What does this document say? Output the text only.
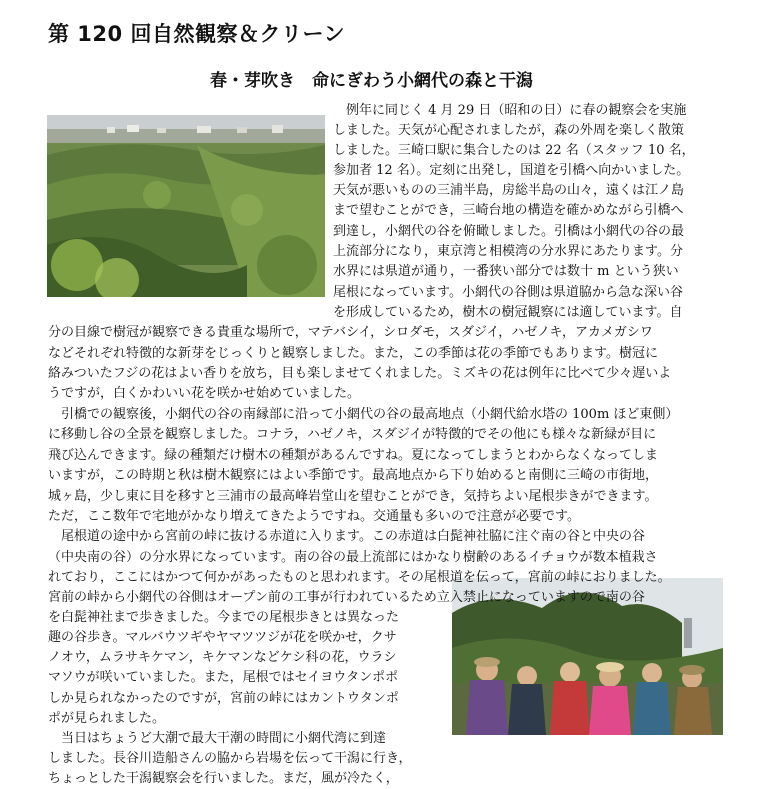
第 120 回自然観察＆クリーン
春・芽吹き　命にぎわう小網代の森と干潟

　例年に同じく 4 月 29 日（昭和の日）に春の観察会を実施

しました。天気が心配されましたが，森の外周を楽しく散策

しました。三崎口駅に集合したのは 22 名（スタッフ 10 名，

参加者 12 名）。定刻に出発し，国道を引橋へ向かいました。

天気が悪いものの三浦半島，房総半島の山々，遠くは江ノ島

まで望むことができ，三崎台地の構造を確かめながら引橋へ

到達し，小網代の谷を俯瞰しました。引橋は小網代の谷の最

上流部分になり，東京湾と相模湾の分水界にあたります。分

水界には県道が通り，一番狭い部分では数十 m という狭い

尾根になっています。小網代の谷側は県道脇から急な深い谷

を形成しているため，樹木の樹冠観察には適しています。自

分の目線で樹冠が観察できる貴重な場所で，マテバシイ，シロダモ，スダジイ，ハゼノキ，アカメガシワ

などそれぞれ特徴的な新芽をじっくりと観察しました。また，この季節は花の季節でもあります。樹冠に

絡みついたフジの花はよい香りを放ち，目も楽しませてくれました。ミズキの花は例年に比べて少々遅いよ

うですが，白くかわいい花を咲かせ始めていました。

　引橋での観察後，小網代の谷の南縁部に沿って小網代の谷の最高地点（小網代給水塔の 100m ほど東側）

に移動し谷の全景を観察しました。コナラ，ハゼノキ，スダジイが特徴的でその他にも様々な新緑が目に

飛び込んできます。緑の種類だけ樹木の種類があるんですね。夏になってしまうとわからなくなってしま

いますが，この時期と秋は樹木観察にはよい季節です。最高地点から下り始めると南側に三崎の市街地，

城ヶ島，少し東に目を移すと三浦市の最高峰岩堂山を望むことができ，気持ちよい尾根歩きができます。

ただ，ここ数年で宅地がかなり増えてきたようですね。交通量も多いので注意が必要です。

　尾根道の途中から宮前の峠に抜ける赤道に入ります。この赤道は白髭神社脇に注ぐ南の谷と中央の谷

（中央南の谷）の分水界になっています。南の谷の最上流部にはかなり樹齢のあるイチョウが数本植栽さ

れており，ここにはかつて何かがあったものと思われます。その尾根道を伝って，宮前の峠におりました。

宮前の峠から小網代の谷側はオープン前の工事が行われているため立入禁止になっていますので南の谷

を白髭神社まで歩きました。今までの尾根歩きとは異なった

趣の谷歩き。マルバウツギやヤマツツジが花を咲かせ，クサ

ノオウ，ムラサキケマン，キケマンなどケシ科の花，ウラシ

マソウが咲いていました。また，尾根ではセイヨウタンポポ

しか見られなかったのですが，宮前の峠にはカントウタンポ

ポが見られました。

　当日はちょうど大潮で最大干潮の時間に小網代湾に到達

しました。長谷川造船さんの脇から岩場を伝って干潟に行き，

ちょっとした干潟観察会を行いました。まだ，風が冷たく，
